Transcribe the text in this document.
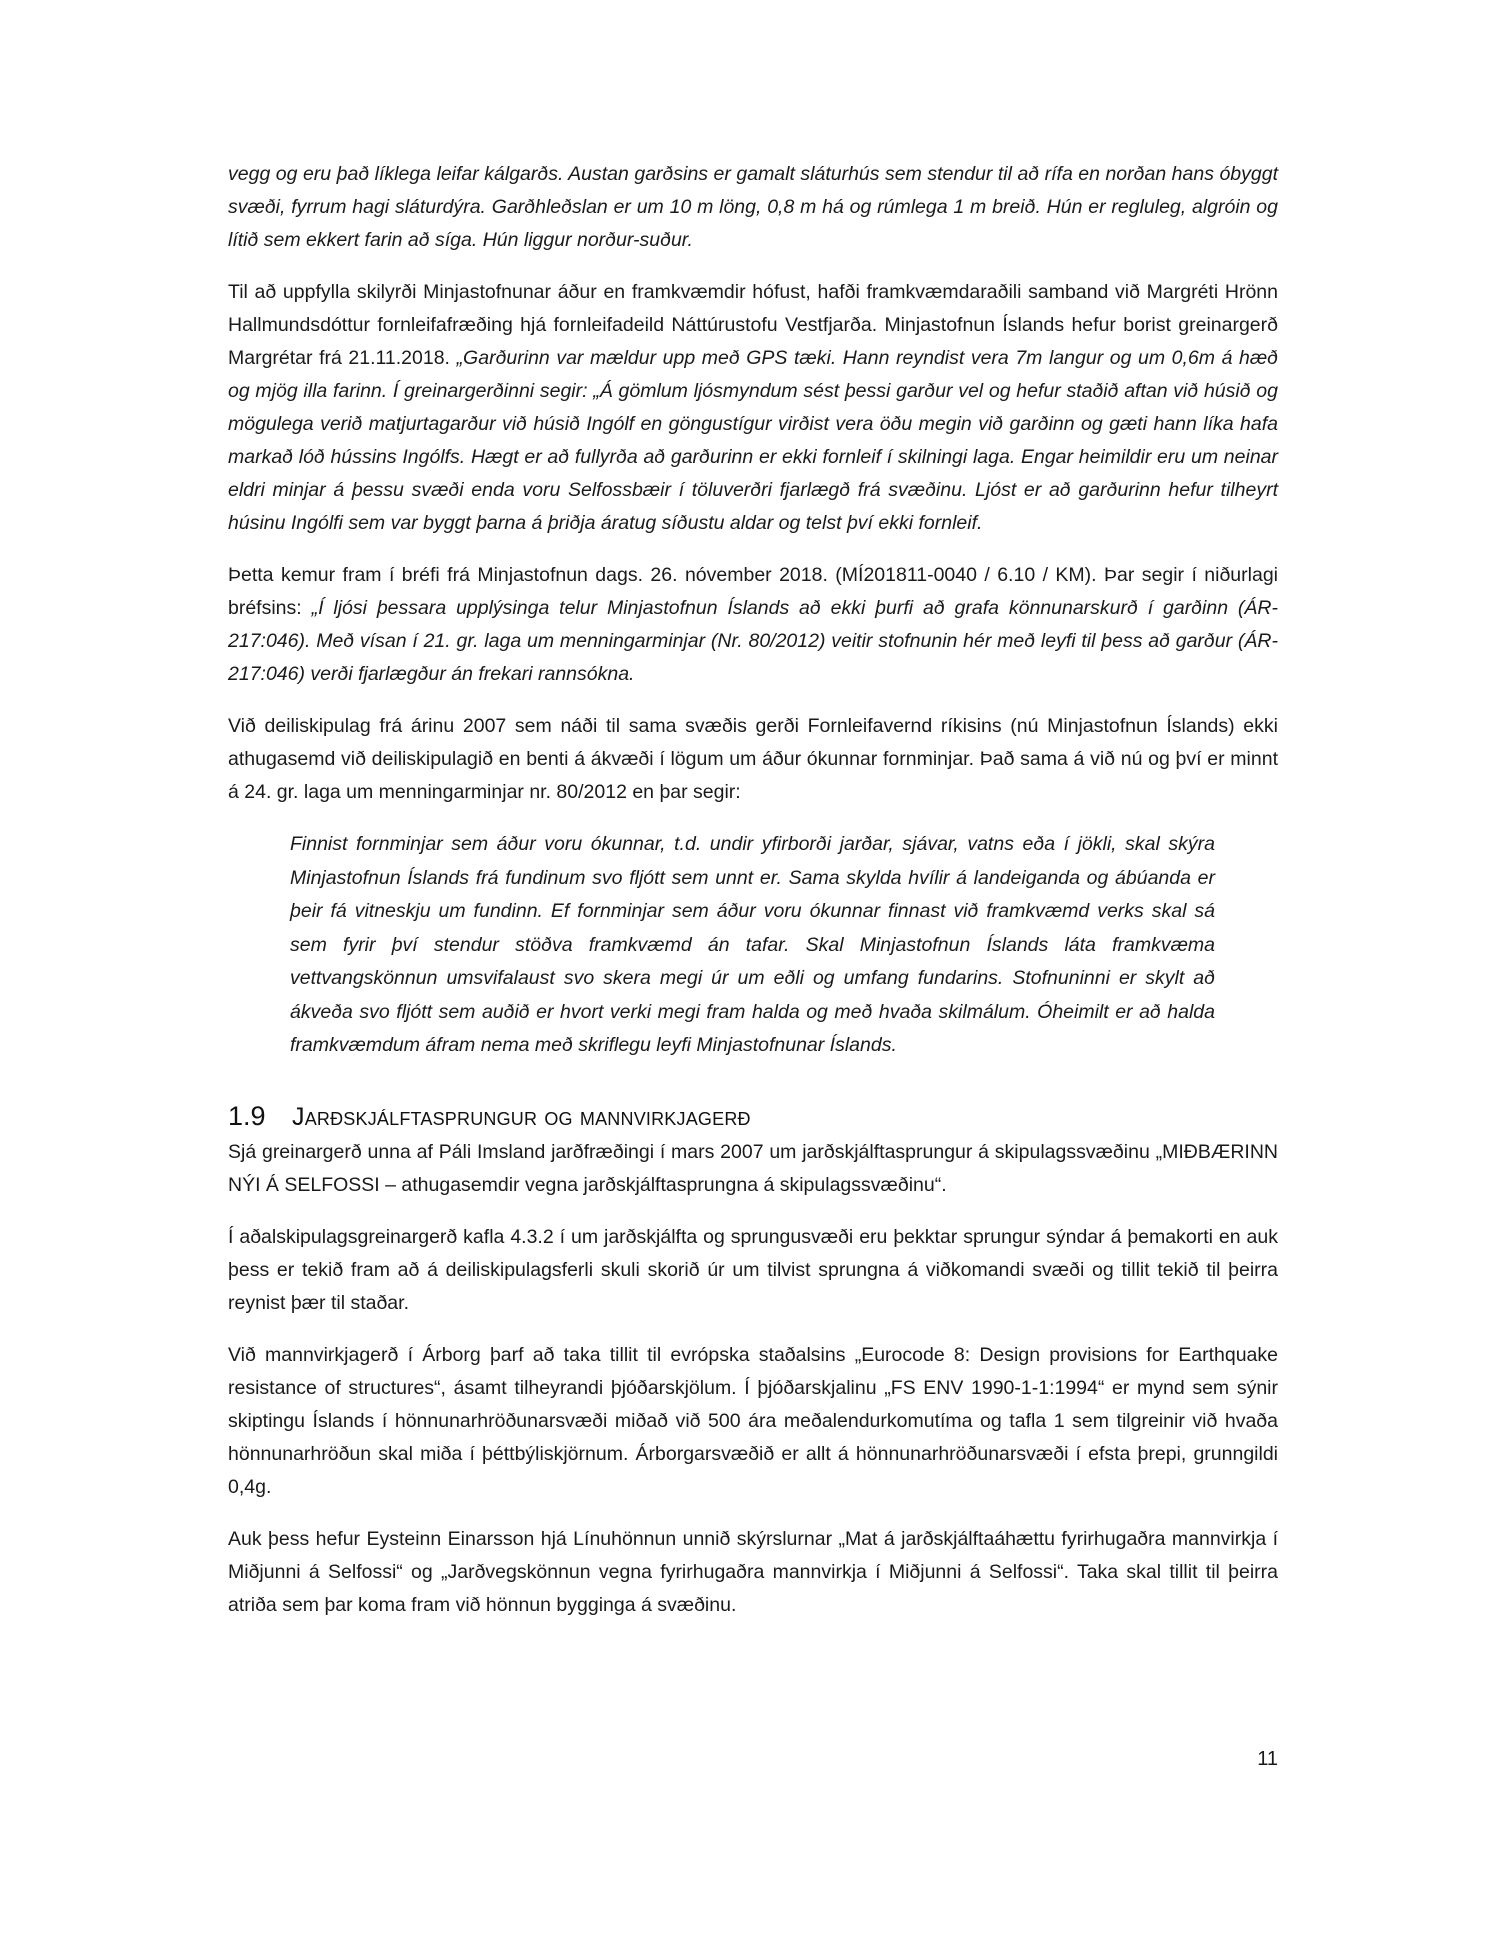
vegg og eru það líklega leifar kálgarðs. Austan garðsins er gamalt sláturhús sem stendur til að rífa en norðan hans óbyggt svæði, fyrrum hagi sláturdýra. Garðhleðslan er um 10 m löng, 0,8 m há og rúmlega 1 m breið. Hún er regluleg, algróin og lítið sem ekkert farin að síga. Hún liggur norður-suður.

Til að uppfylla skilyrði Minjastofnunar áður en framkvæmdir hófust, hafði framkvæmdaraðili samband við Margréti Hrönn Hallmundsdóttur fornleifafræðing hjá fornleifadeild Náttúrustofu Vestfjarða. Minjastofnun Íslands hefur borist greinargerð Margrétar frá 21.11.2018. „Garðurinn var mældur upp með GPS tæki. Hann reyndist vera 7m langur og um 0,6m á hæð og mjög illa farinn. Í greinargerðinni segir: „Á gömlum ljósmyndum sést þessi garður vel og hefur staðið aftan við húsið og mögulega verið matjurtagarður við húsið Ingólf en göngustígur virðist vera öðu megin við garðinn og gæti hann líka hafa markað lóð hússins Ingólfs. Hægt er að fullyrða að garðurinn er ekki fornleif í skilningi laga. Engar heimildir eru um neinar eldri minjar á þessu svæði enda voru Selfossbæir í töluverðri fjarlægð frá svæðinu. Ljóst er að garðurinn hefur tilheyrt húsinu Ingólfi sem var byggt þarna á þriðja áratug síðustu aldar og telst því ekki fornleif.

Þetta kemur fram í bréfi frá Minjastofnun dags. 26. nóvember 2018. (MÍ201811-0040 / 6.10 / KM). Þar segir í niðurlagi bréfsins: „Í ljósi þessara upplýsinga telur Minjastofnun Íslands að ekki þurfi að grafa könnunarskurð í garðinn (ÁR-217:046). Með vísan í 21. gr. laga um menningarminjar (Nr. 80/2012) veitir stofnunin hér með leyfi til þess að garður (ÁR-217:046) verði fjarlægður án frekari rannsókna.

Við deiliskipulag frá árinu 2007 sem náði til sama svæðis gerði Fornleifavernd ríkisins (nú Minjastofnun Íslands) ekki athugasemd við deiliskipulagið en benti á ákvæði í lögum um áður ókunnar fornminjar. Það sama á við nú og því er minnt á 24. gr. laga um menningarminjar nr. 80/2012 en þar segir:

Finnist fornminjar sem áður voru ókunnar, t.d. undir yfirborði jarðar, sjávar, vatns eða í jökli, skal skýra Minjastofnun Íslands frá fundinum svo fljótt sem unnt er. Sama skylda hvílir á landeiganda og ábúanda er þeir fá vitneskju um fundinn. Ef fornminjar sem áður voru ókunnar finnast við framkvæmd verks skal sá sem fyrir því stendur stöðva framkvæmd án tafar. Skal Minjastofnun Íslands láta framkvæma vettvangskönnun umsvifalaust svo skera megi úr um eðli og umfang fundarins. Stofnuninni er skylt að ákveða svo fljótt sem auðið er hvort verki megi fram halda og með hvaða skilmálum. Óheimilt er að halda framkvæmdum áfram nema með skriflegu leyfi Minjastofnunar Íslands.

1.9	Jarðskjálftasprungur og mannvirkjagerð

Sjá greinargerð unna af Páli Imsland jarðfræðingi í mars 2007 um jarðskjálftasprungur á skipulagssvæðinu „MIÐBÆRINN NÝI Á SELFOSSI – athugasemdir vegna jarðskjálftasprungna á skipulagssvæðinu“.

Í aðalskipulagsgreinargerð kafla 4.3.2 í um jarðskjálfta og sprungusvæði eru þekktar sprungur sýndar á þemakorti en auk þess er tekið fram að á deiliskipulagsferli skuli skorið úr um tilvist sprungna á viðkomandi svæði og tillit tekið til þeirra reynist þær til staðar.

Við mannvirkjagerð í Árborg þarf að taka tillit til evrópska staðalsins „Eurocode 8: Design provisions for Earthquake resistance of structures“, ásamt tilheyrandi þjóðarskjölum. Í þjóðarskjalinu „FS ENV 1990-1-1:1994“ er mynd sem sýnir skiptingu Íslands í hönnunarhröðunarsvæði miðað við 500 ára meðalendurkomutíma og tafla 1 sem tilgreinir við hvaða hönnunarhröðun skal miða í þéttbýliskjörnum. Árborgarsvæðið er allt á hönnunarhröðunarsvæði í efsta þrepi, grunngildi 0,4g.

Auk þess hefur Eysteinn Einarsson hjá Línuhönnun unnið skýrslurnar „Mat á jarðskjálftaáhættu fyrirhugaðra mannvirkja í Miðjunni á Selfossi“ og „Jarðvegskönnun vegna fyrirhugaðra mannvirkja í Miðjunni á Selfossi“. Taka skal tillit til þeirra atriða sem þar koma fram við hönnun bygginga á svæðinu.

11
